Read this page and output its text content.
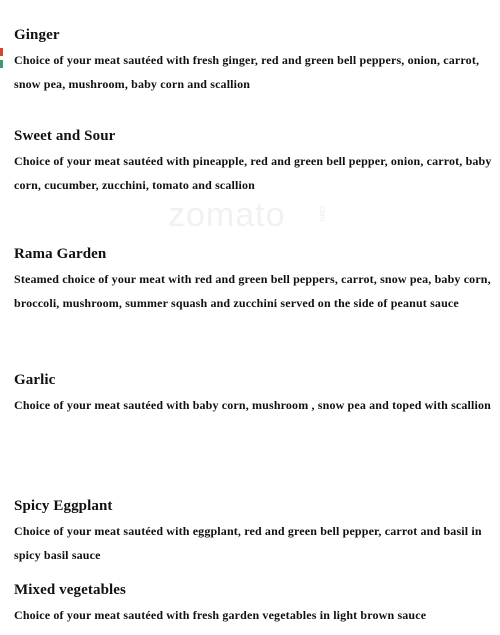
zomato	.com

Ginger

Choice of your meat sautéed with fresh ginger, red and green bell peppers, onion, carrot, snow pea, mushroom, baby corn and scallion

Sweet and Sour

Choice of your meat sautéed with pineapple, red and green bell pepper, onion, carrot, baby corn, cucumber, zucchini, tomato and scallion

Rama Garden

Steamed choice of your meat with red and green bell peppers, carrot, snow pea, baby corn, broccoli, mushroom, summer squash and zucchini served on the side of peanut sauce

Garlic

Choice of your meat sautéed with baby corn, mushroom , snow pea and toped with scallion

Spicy Eggplant

Choice of your meat sautéed with eggplant, red and green bell pepper, carrot and basil in spicy basil sauce

Mixed vegetables

Choice of your meat sautéed with fresh garden vegetables in light brown sauce
